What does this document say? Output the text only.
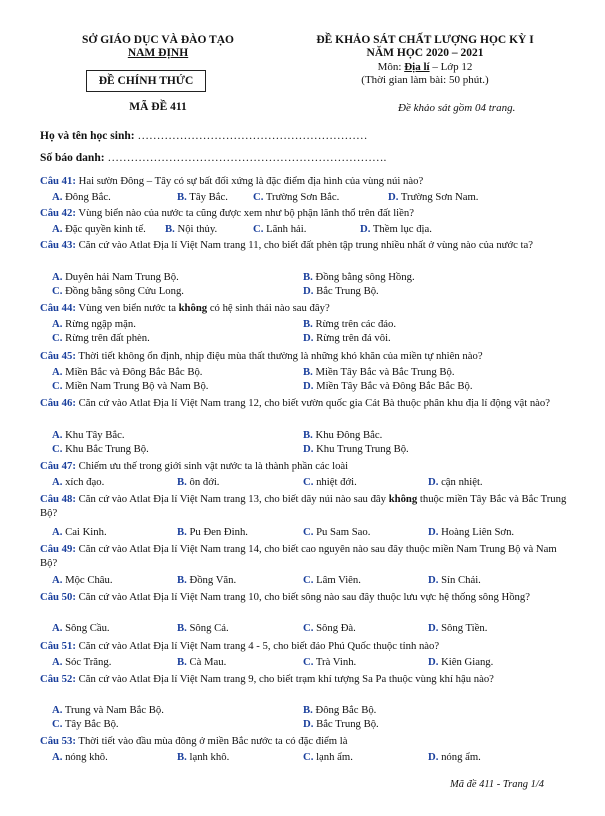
SỞ GIÁO DỤC VÀ ĐÀO TẠO
NAM ĐỊNH
ĐỀ CHÍNH THỨC
MÃ ĐỀ 411
ĐỀ KHẢO SÁT CHẤT LƯỢNG HỌC KỲ I
NĂM HỌC 2020 – 2021
Môn: Địa lí – Lớp 12
(Thời gian làm bài: 50 phút.)
Đề khảo sát gồm 04 trang.
Họ và tên học sinh: ……………………………………………………
Số báo danh: ……………………………………………………………….
Câu 41: Hai sườn Đông – Tây có sự bất đối xứng là đặc điểm địa hình của vùng núi nào?
A. Đông Bắc.	B. Tây Bắc. C. Trường Sơn Bắc.	D. Trường Sơn Nam.
Câu 42: Vùng biển nào của nước ta cũng được xem như bộ phận lãnh thổ trên đất liền?
A. Đặc quyền kinh tế. B. Nội thủy.	C. Lãnh hải.	D. Thềm lục địa.
Câu 43: Căn cứ vào Atlat Địa lí Việt Nam trang 11, cho biết đất phèn tập trung nhiều nhất ở vùng nào của nước ta?
A. Duyên hải Nam Trung Bộ.	B. Đồng bằng sông Hồng.
C. Đồng bằng sông Cửu Long.	D. Bắc Trung Bộ.
Câu 44: Vùng ven biển nước ta không có hệ sinh thái nào sau đây?
A. Rừng ngập mặn.	B. Rừng trên các đảo.
C. Rừng trên đất phèn.	D. Rừng trên đá vôi.
Câu 45: Thời tiết không ổn định, nhịp điệu mùa thất thường là những khó khăn của miền tự nhiên nào?
A. Miền Bắc và Đông Bắc Bắc Bộ.	B. Miền Tây Bắc và Bắc Trung Bộ.
C. Miền Nam Trung Bộ và Nam Bộ.	D. Miền Tây Bắc và Đông Bắc Bắc Bộ.
Câu 46: Căn cứ vào Atlat Địa lí Việt Nam trang 12, cho biết vườn quốc gia Cát Bà thuộc phân khu địa lí động vật nào?
A. Khu Tây Bắc.	B. Khu Đông Bắc.
C. Khu Bắc Trung Bộ.	D. Khu Trung Trung Bộ.
Câu 47: Chiếm ưu thế trong giới sinh vật nước ta là thành phần các loài
A. xích đạo.	B. ôn đới.	C. nhiệt đới.	D. cận nhiệt.
Câu 48: Căn cứ vào Atlat Địa lí Việt Nam trang 13, cho biết dãy núi nào sau đây không thuộc miền Tây Bắc và Bắc Trung Bộ?
A. Cai Kinh.	B. Pu Đen Đinh.	C. Pu Sam Sao.	D. Hoàng Liên Sơn.
Câu 49: Căn cứ vào Atlat Địa lí Việt Nam trang 14, cho biết cao nguyên nào sau đây thuộc miền Nam Trung Bộ và Nam Bộ?
A. Mộc Châu.	B. Đồng Văn.	C. Lâm Viên.	D. Sín Chải.
Câu 50: Căn cứ vào Atlat Địa lí Việt Nam trang 10, cho biết sông nào sau đây thuộc lưu vực hệ thống sông Hồng?
A. Sông Cầu.	B. Sông Cả.	C. Sông Đà.	D. Sông Tiền.
Câu 51: Căn cứ vào Atlat Địa lí Việt Nam trang 4 - 5, cho biết đảo Phú Quốc thuộc tỉnh nào?
A. Sóc Trăng.	B. Cà Mau.	C. Trà Vinh.	D. Kiên Giang.
Câu 52: Căn cứ vào Atlat Địa lí Việt Nam trang 9, cho biết trạm khí tượng Sa Pa thuộc vùng khí hậu nào?
A. Trung và Nam Bắc Bộ.	B. Đông Bắc Bộ.
C. Tây Bắc Bộ.	D. Bắc Trung Bộ.
Câu 53: Thời tiết vào đầu mùa đông ở miền Bắc nước ta có đặc điểm là
A. nóng khô.	B. lạnh khô.	C. lạnh ẩm.	D. nóng ẩm.
Mã đề 411 - Trang 1/4
